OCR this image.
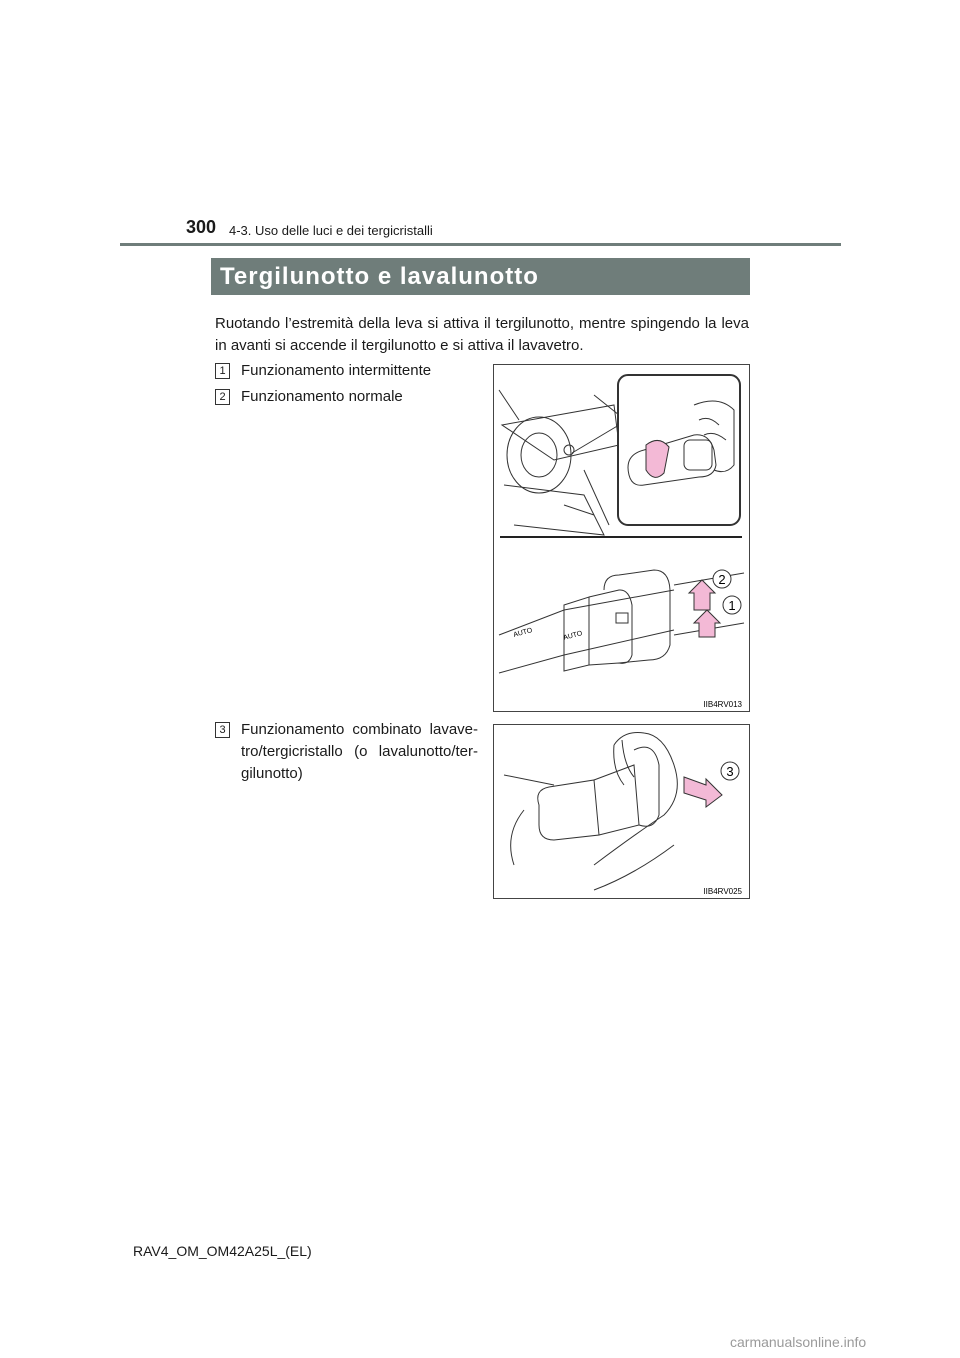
300 4-3. Uso delle luci e dei tergicristalli
Tergilunotto e lavalunotto
Ruotando l’estremità della leva si attiva il tergilunotto, mentre spingendo la leva in avanti si accende il tergilunotto e si attiva il lavavetro.
1 Funzionamento intermittente
2 Funzionamento normale
3 Funzionamento combinato lavave-tro/tergicristallo (o lavalunotto/ter-gilunotto)
AUTO	AUTO
2
1
IIB4RV013
3
IIB4RV025
RAV4_OM_OM42A25L_(EL)
carmanualsonline.info
